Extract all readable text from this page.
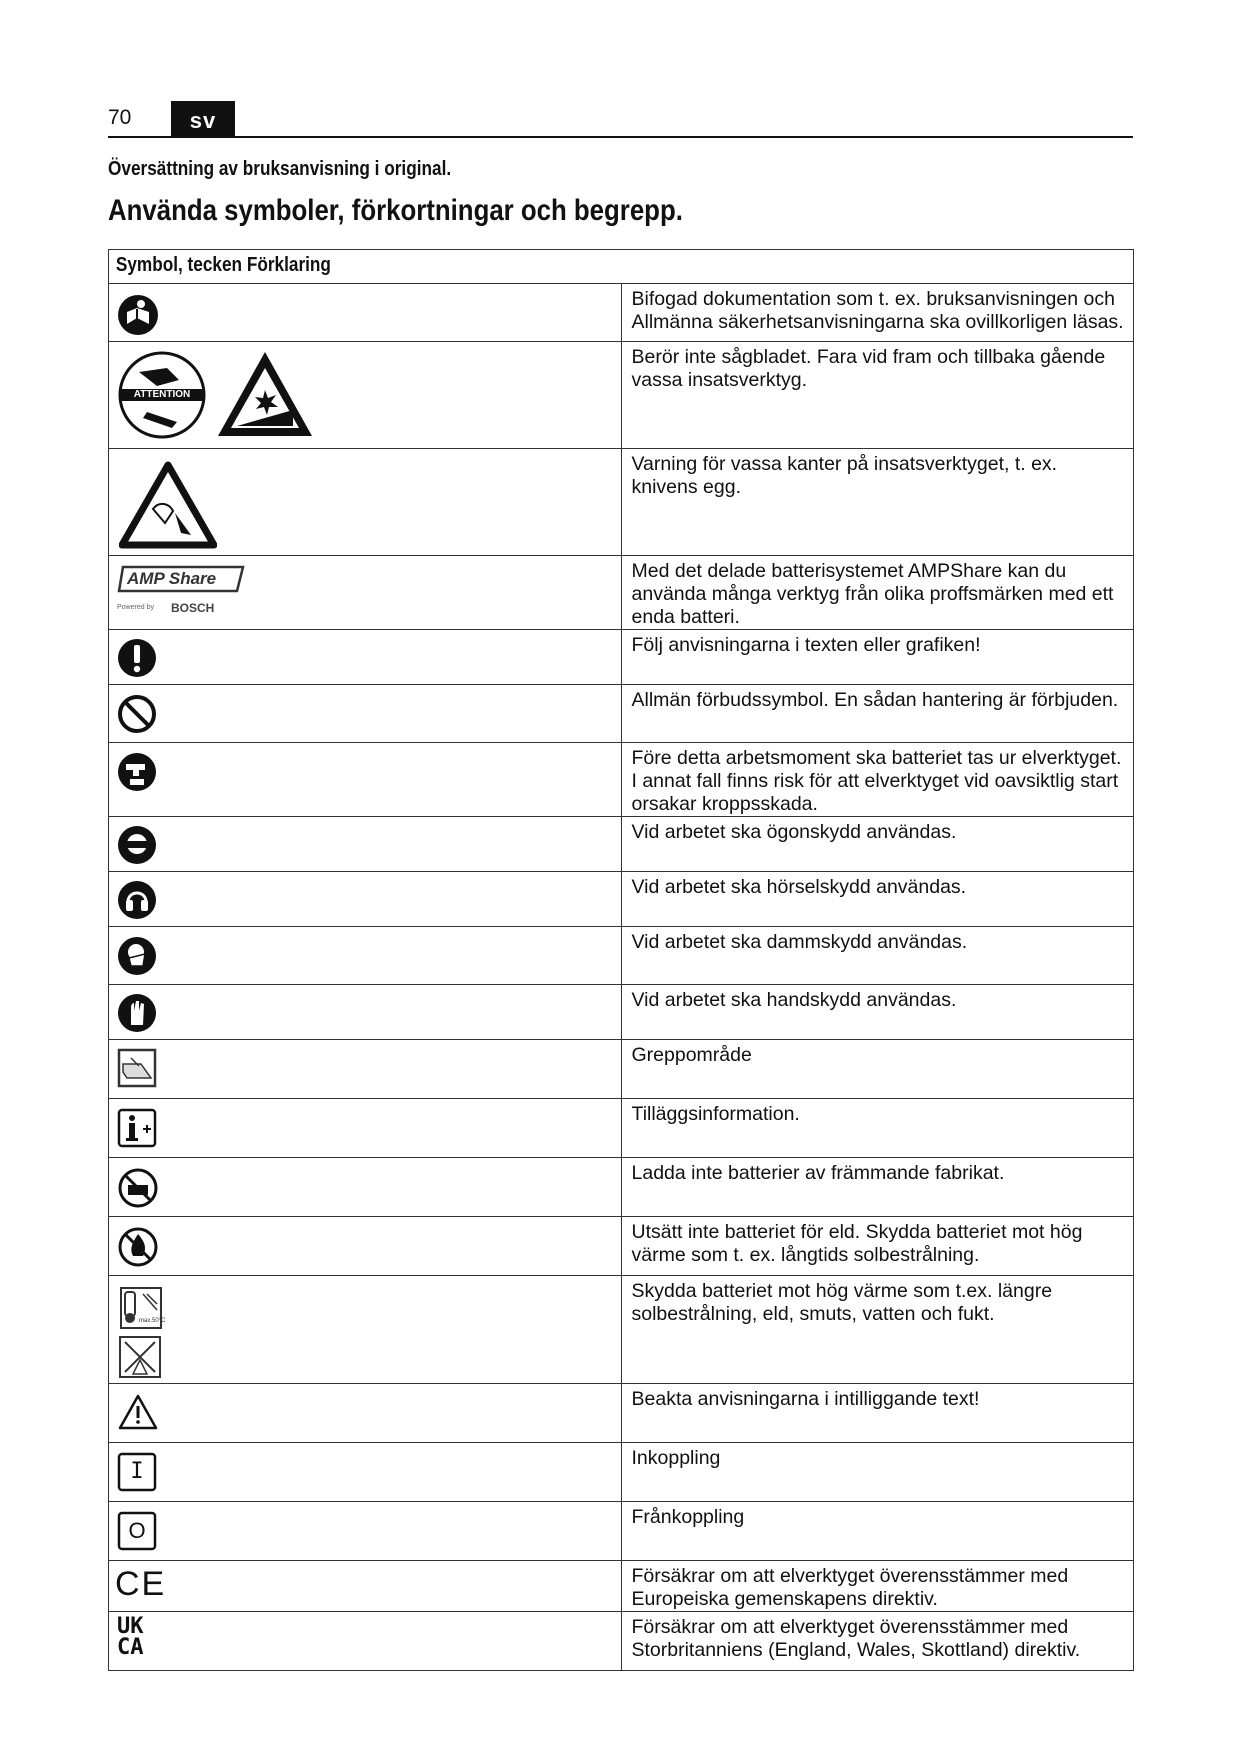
70	sv
Översättning av bruksanvisning i original.
Använda symboler, förkortningar och begrepp.
Symbol, tecken Förklaring	

	Bifogad dokumentation som t. ex. bruksanvisningen och Allmänna säkerhetsanvisningarna ska ovillkorligen läsas.

ATTENTION	Berör inte sågbladet. Fara vid fram och tillbaka gående vassa insatsverktyg.

	Varning för vassa kanter på insatsverktyget, t. ex. knivens egg.

AMP Share
Powered by BOSCH	Med det delade batterisystemet AMPShare kan du använda många verktyg från olika proffsmärken med ett enda batteri.

	Följ anvisningarna i texten eller grafiken!

	Allmän förbudssymbol. En sådan hantering är förbjuden.

	Före detta arbetsmoment ska batteriet tas ur elverktyget. I annat fall finns risk för att elverktyget vid oavsiktlig start orsakar kroppsskada.

	Vid arbetet ska ögonskydd användas.

	Vid arbetet ska hörselskydd användas.

	Vid arbetet ska dammskydd användas.

	Vid arbetet ska handskydd användas.

	Greppområde

	Tilläggsinformation.

	Ladda inte batterier av främmande fabrikat.

	Utsätt inte batteriet för eld. Skydda batteriet mot hög värme som t. ex. långtids solbestrålning.

max.50°C	Skydda batteriet mot hög värme som t.ex. längre solbestrålning, eld, smuts, vatten och fukt.

	Beakta anvisningarna i intilliggande text!

I	Inkoppling

O	Frånkoppling

CE	Försäkrar om att elverktyget överensstämmer med Europeiska gemenskapens direktiv.

UK
CA	Försäkrar om att elverktyget överensstämmer med Storbritanniens (England, Wales, Skottland) direktiv.
